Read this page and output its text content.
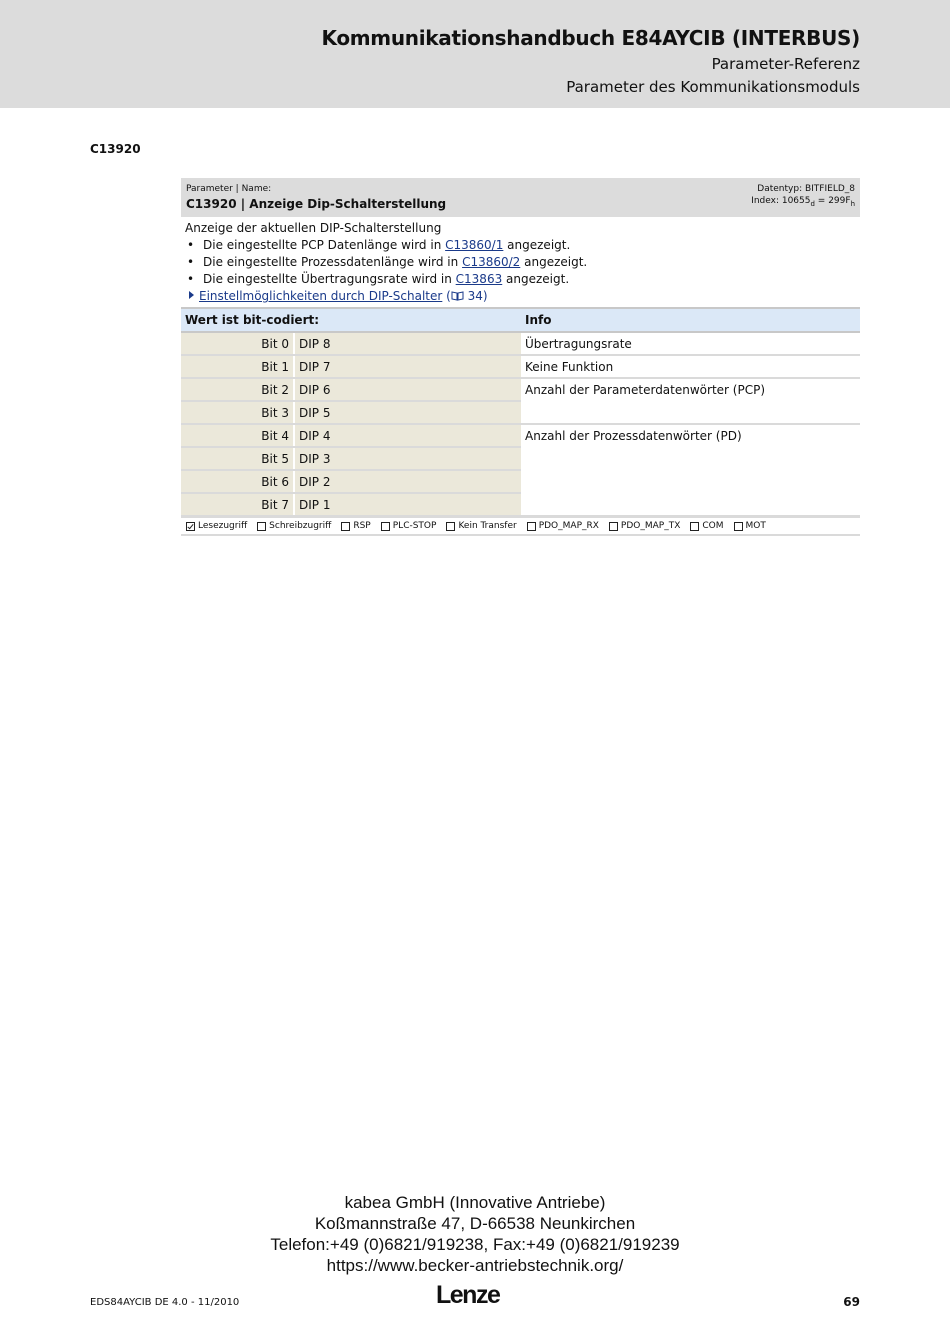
Kommunikationshandbuch E84AYCIB (INTERBUS)
Parameter-Referenz
Parameter des Kommunikationsmoduls
C13920
Parameter | Name:
C13920 | Anzeige Dip-Schalterstellung
Datentyp: BITFIELD_8
Index: $10655_d = 299F_h$
Anzeige der aktuellen DIP-Schalterstellung
• Die eingestellte PCP Datenlänge wird in C13860/1 angezeigt.
• Die eingestellte Prozessdatenlänge wird in C13860/2 angezeigt.
• Die eingestellte Übertragungsrate wird in C13863 angezeigt.
Einstellmöglichkeiten durch DIP-Schalter ( 34)
Wert ist bit-codiert:		Info
Bit 0	DIP 8	Übertragungsrate
Bit 1	DIP 7	Keine Funktion
Bit 2	DIP 6	Anzahl der Parameterdatenwörter (PCP)
Bit 3	DIP 5	
Bit 4	DIP 4	Anzahl der Prozessdatenwörter (PD)
Bit 5	DIP 3	
Bit 6	DIP 2	
Bit 7	DIP 1	
Lesezugriff Schreibzugriff RSP PLC-STOP Kein Transfer PDO_MAP_RX PDO_MAP_TX COM MOT
kabea GmbH (Innovative Antriebe)
Koßmannstraße 47, D-66538 Neunkirchen
Telefon:+49 (0)6821/919238, Fax:+49 (0)6821/919239
https://www.becker-antriebstechnik.org/
EDS84AYCIB DE 4.0 - 11/2010	Lenze	69
